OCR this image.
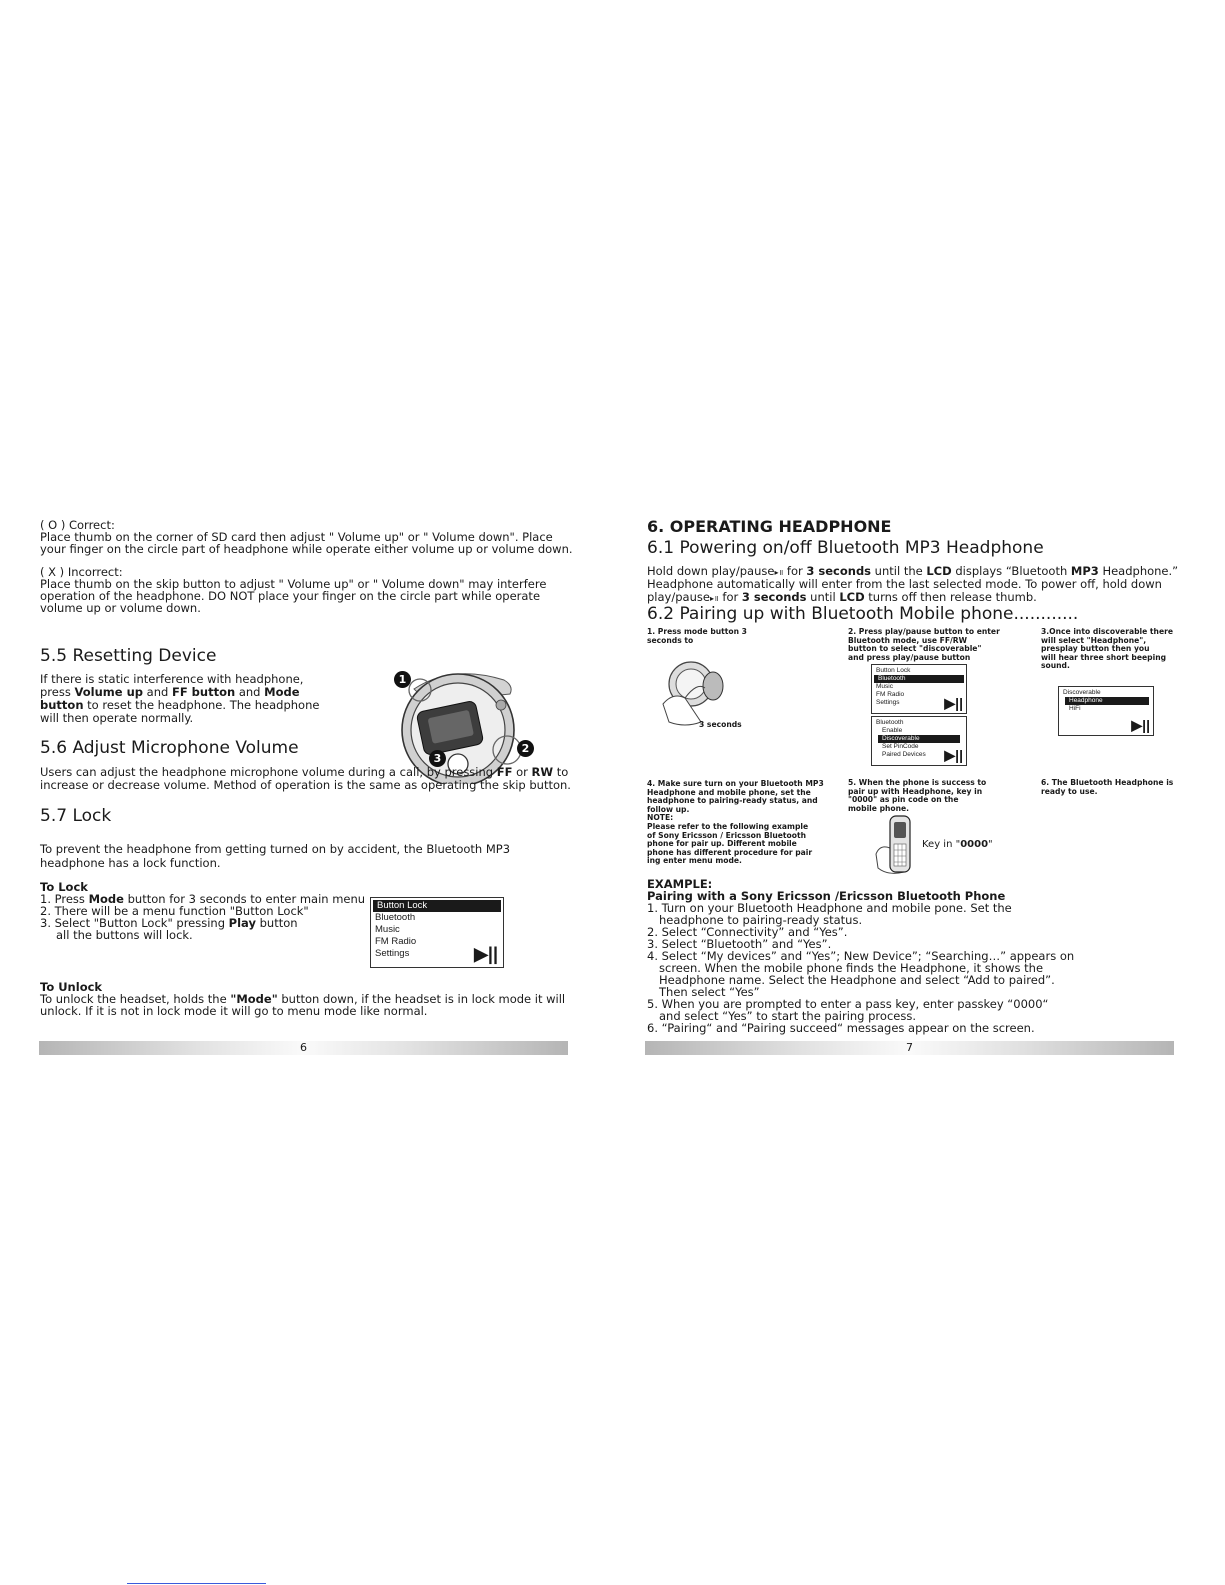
( O ) Correct:
Place thumb on the corner of SD card then adjust " Volume up" or " Volume down". Place
your finger on the circle part of headphone while operate either volume up or volume down.
( X ) Incorrect:
Place thumb on the skip button to adjust " Volume up" or " Volume down" may interfere
operation of the headphone. DO NOT place your finger on the circle part while operate
volume up or volume down.
5.5 Resetting Device
If there is static interference with headphone,
press Volume up and FF button and Mode
button to reset the headphone. The headphone
will then operate normally.
1
2
3
5.6 Adjust Microphone Volume
Users can adjust the headphone microphone volume during a call, by pressing FF or RW to
increase or decrease volume. Method of operation is the same as operating the skip button.
5.7 Lock
To prevent the headphone from getting turned on by accident, the Bluetooth MP3
headphone has a lock function.
To Lock
1. Press Mode button for 3 seconds to enter main menu
2. There will be a menu function "Button Lock"
3. Select "Button Lock" pressing Play button
all the buttons will lock.
Button Lock
Bluetooth
Music
FM Radio
Settings	▶||
To Unlock
To unlock the headset, holds the "Mode" button down, if the headset is in lock mode it will
unlock. If it is not in lock mode it will go to menu mode like normal.
6
6. OPERATING HEADPHONE
6.1 Powering on/off Bluetooth MP3 Headphone
Hold down play/pause▸॥ for 3 seconds until the LCD displays “Bluetooth MP3 Headphone.”
Headphone automatically will enter from the last selected mode. To power off, hold down
play/pause▸॥ for 3 seconds until LCD turns off then release thumb.
6.2 Pairing up with Bluetooth Mobile phone............
1. Press mode button 3
seconds to
3 seconds
2. Press play/pause button to enter
Bluetooth mode, use FF/RW
button to select "discoverable"
and press play/pause button
Button Lock
Bluetooth
Music
FM Radio
Settings	▶||
Bluetooth
Enable
Discoverable
Set PinCode
Paired Devices	▶||
3.Once into discoverable there
will select "Headphone",
presplay button then you
will hear three short beeping
sound.
Discoverable
Headphone
HiFi
▶||
4. Make sure turn on your Bluetooth MP3
Headphone and mobile phone, set the
headphone to pairing-ready status, and
follow up.
NOTE:
Please refer to the following example
of Sony Ericsson / Ericsson Bluetooth
phone for pair up. Different mobile
phone has different procedure for pair
ing enter menu mode.
5. When the phone is success to
pair up with Headphone, key in
"0000" as pin code on the
mobile phone.
Key in "0000"
6. The Bluetooth Headphone is
ready to use.
EXAMPLE:
Pairing with a Sony Ericsson /Ericsson Bluetooth Phone
1. Turn on your Bluetooth Headphone and mobile pone. Set the
headphone to pairing-ready status.
2. Select “Connectivity” and “Yes”.
3. Select “Bluetooth” and “Yes”.
4. Select “My devices” and “Yes”; New Device”; “Searching…” appears on
screen. When the mobile phone finds the Headphone, it shows the
Headphone name. Select the Headphone and select “Add to paired”.
Then select “Yes”
5. When you are prompted to enter a pass key, enter passkey “0000“
and select “Yes” to start the pairing process.
6. “Pairing“ and “Pairing succeed“ messages appear on the screen.
7
